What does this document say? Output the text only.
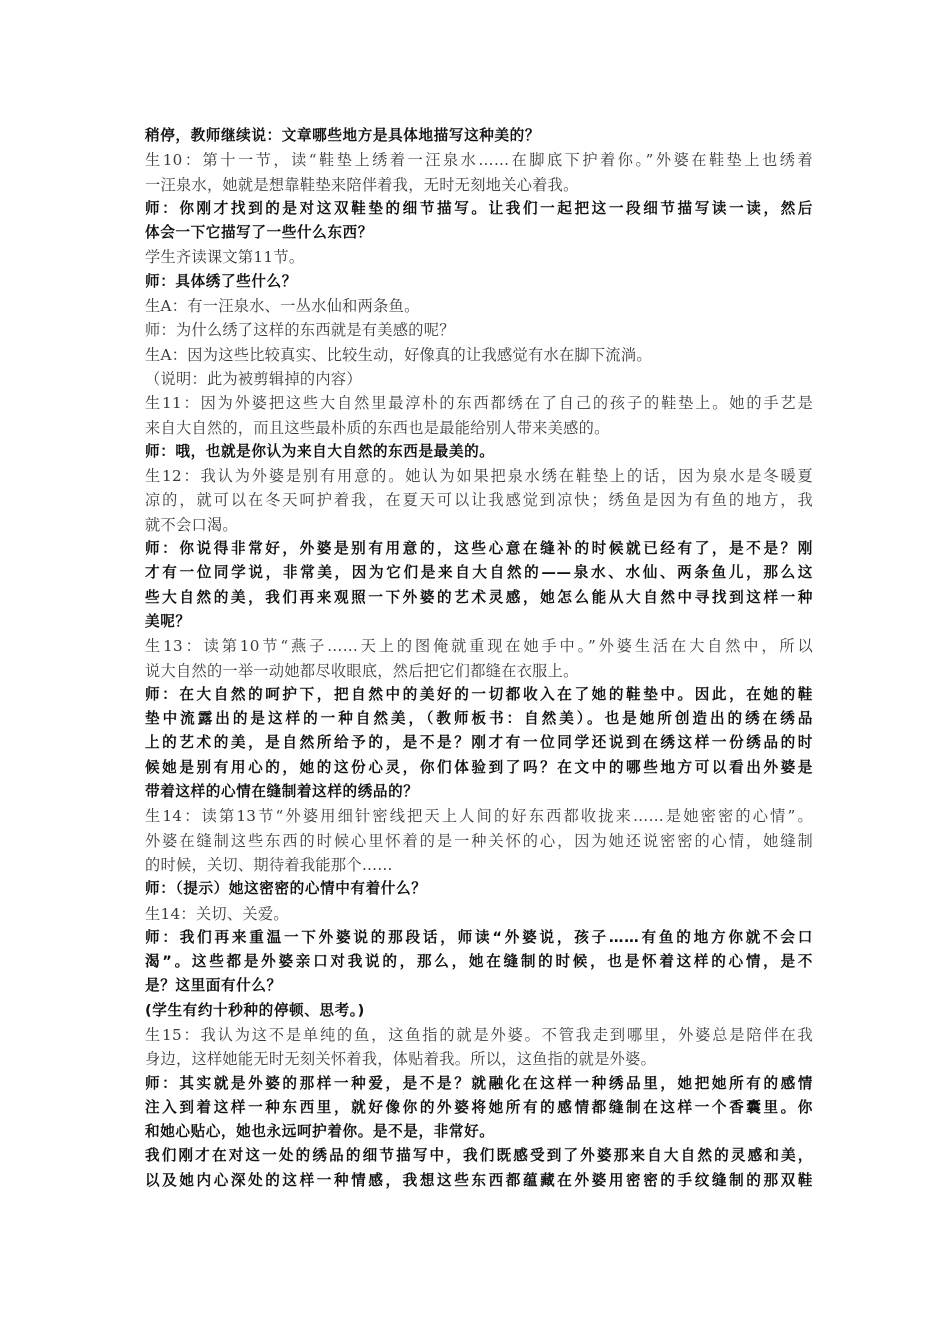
稍停，教师继续说：文章哪些地方是具体地描写这种美的？
生10：第十一节，读“鞋垫上绣着一汪泉水……在脚底下护着你。”外婆在鞋垫上也绣着
一汪泉水，她就是想靠鞋垫来陪伴着我，无时无刻地关心着我。
师：你刚才找到的是对这双鞋垫的细节描写。让我们一起把这一段细节描写读一读，然后
体会一下它描写了一些什么东西？
学生齐读课文第11节。
师：具体绣了些什么？
生A：有一汪泉水、一丛水仙和两条鱼。
师：为什么绣了这样的东西就是有美感的呢？
生A：因为这些比较真实、比较生动，好像真的让我感觉有水在脚下流淌。
（说明：此为被剪辑掉的内容）
生11：因为外婆把这些大自然里最淳朴的东西都绣在了自己的孩子的鞋垫上。她的手艺是
来自大自然的，而且这些最朴质的东西也是最能给别人带来美感的。
师：哦，也就是你认为来自大自然的东西是最美的。
生12：我认为外婆是别有用意的。她认为如果把泉水绣在鞋垫上的话，因为泉水是冬暖夏
凉的，就可以在冬天呵护着我，在夏天可以让我感觉到凉快；绣鱼是因为有鱼的地方，我
就不会口渴。
师：你说得非常好，外婆是别有用意的，这些心意在缝补的时候就已经有了，是不是？刚
才有一位同学说，非常美，因为它们是来自大自然的——泉水、水仙、两条鱼儿，那么这
些大自然的美，我们再来观照一下外婆的艺术灵感，她怎么能从大自然中寻找到这样一种
美呢？
生13：读第10节“燕子……天上的图俺就重现在她手中。”外婆生活在大自然中，所以
说大自然的一举一动她都尽收眼底，然后把它们都缝在衣服上。
师：在大自然的呵护下，把自然中的美好的一切都收入在了她的鞋垫中。因此，在她的鞋
垫中流露出的是这样的一种自然美，（教师板书：自然美）。也是她所创造出的绣在绣品
上的艺术的美，是自然所给予的，是不是？刚才有一位同学还说到在绣这样一份绣品的时
候她是别有用心的，她的这份心灵，你们体验到了吗？在文中的哪些地方可以看出外婆是
带着这样的心情在缝制着这样的绣品的？
生14：读第13节“外婆用细针密线把天上人间的好东西都收拢来……是她密密的心情”。
外婆在缝制这些东西的时候心里怀着的是一种关怀的心，因为她还说密密的心情，她缝制
的时候，关切、期待着我能那个……
师：（提示）她这密密的心情中有着什么？
生14：关切、关爱。
师：我们再来重温一下外婆说的那段话，师读“外婆说，孩子……有鱼的地方你就不会口
渴”。这些都是外婆亲口对我说的，那么，她在缝制的时候，也是怀着这样的心情，是不
是？这里面有什么？
(学生有约十秒种的停顿、思考。)
生15：我认为这不是单纯的鱼，这鱼指的就是外婆。不管我走到哪里，外婆总是陪伴在我
身边，这样她能无时无刻关怀着我，体贴着我。所以，这鱼指的就是外婆。
师：其实就是外婆的那样一种爱，是不是？就融化在这样一种绣品里，她把她所有的感情
注入到着这样一种东西里，就好像你的外婆将她所有的感情都缝制在这样一个香囊里。你
和她心贴心，她也永远呵护着你。是不是，非常好。
我们刚才在对这一处的绣品的细节描写中，我们既感受到了外婆那来自大自然的灵感和美，
以及她内心深处的这样一种情感，我想这些东西都蕴藏在外婆用密密的手纹缝制的那双鞋
